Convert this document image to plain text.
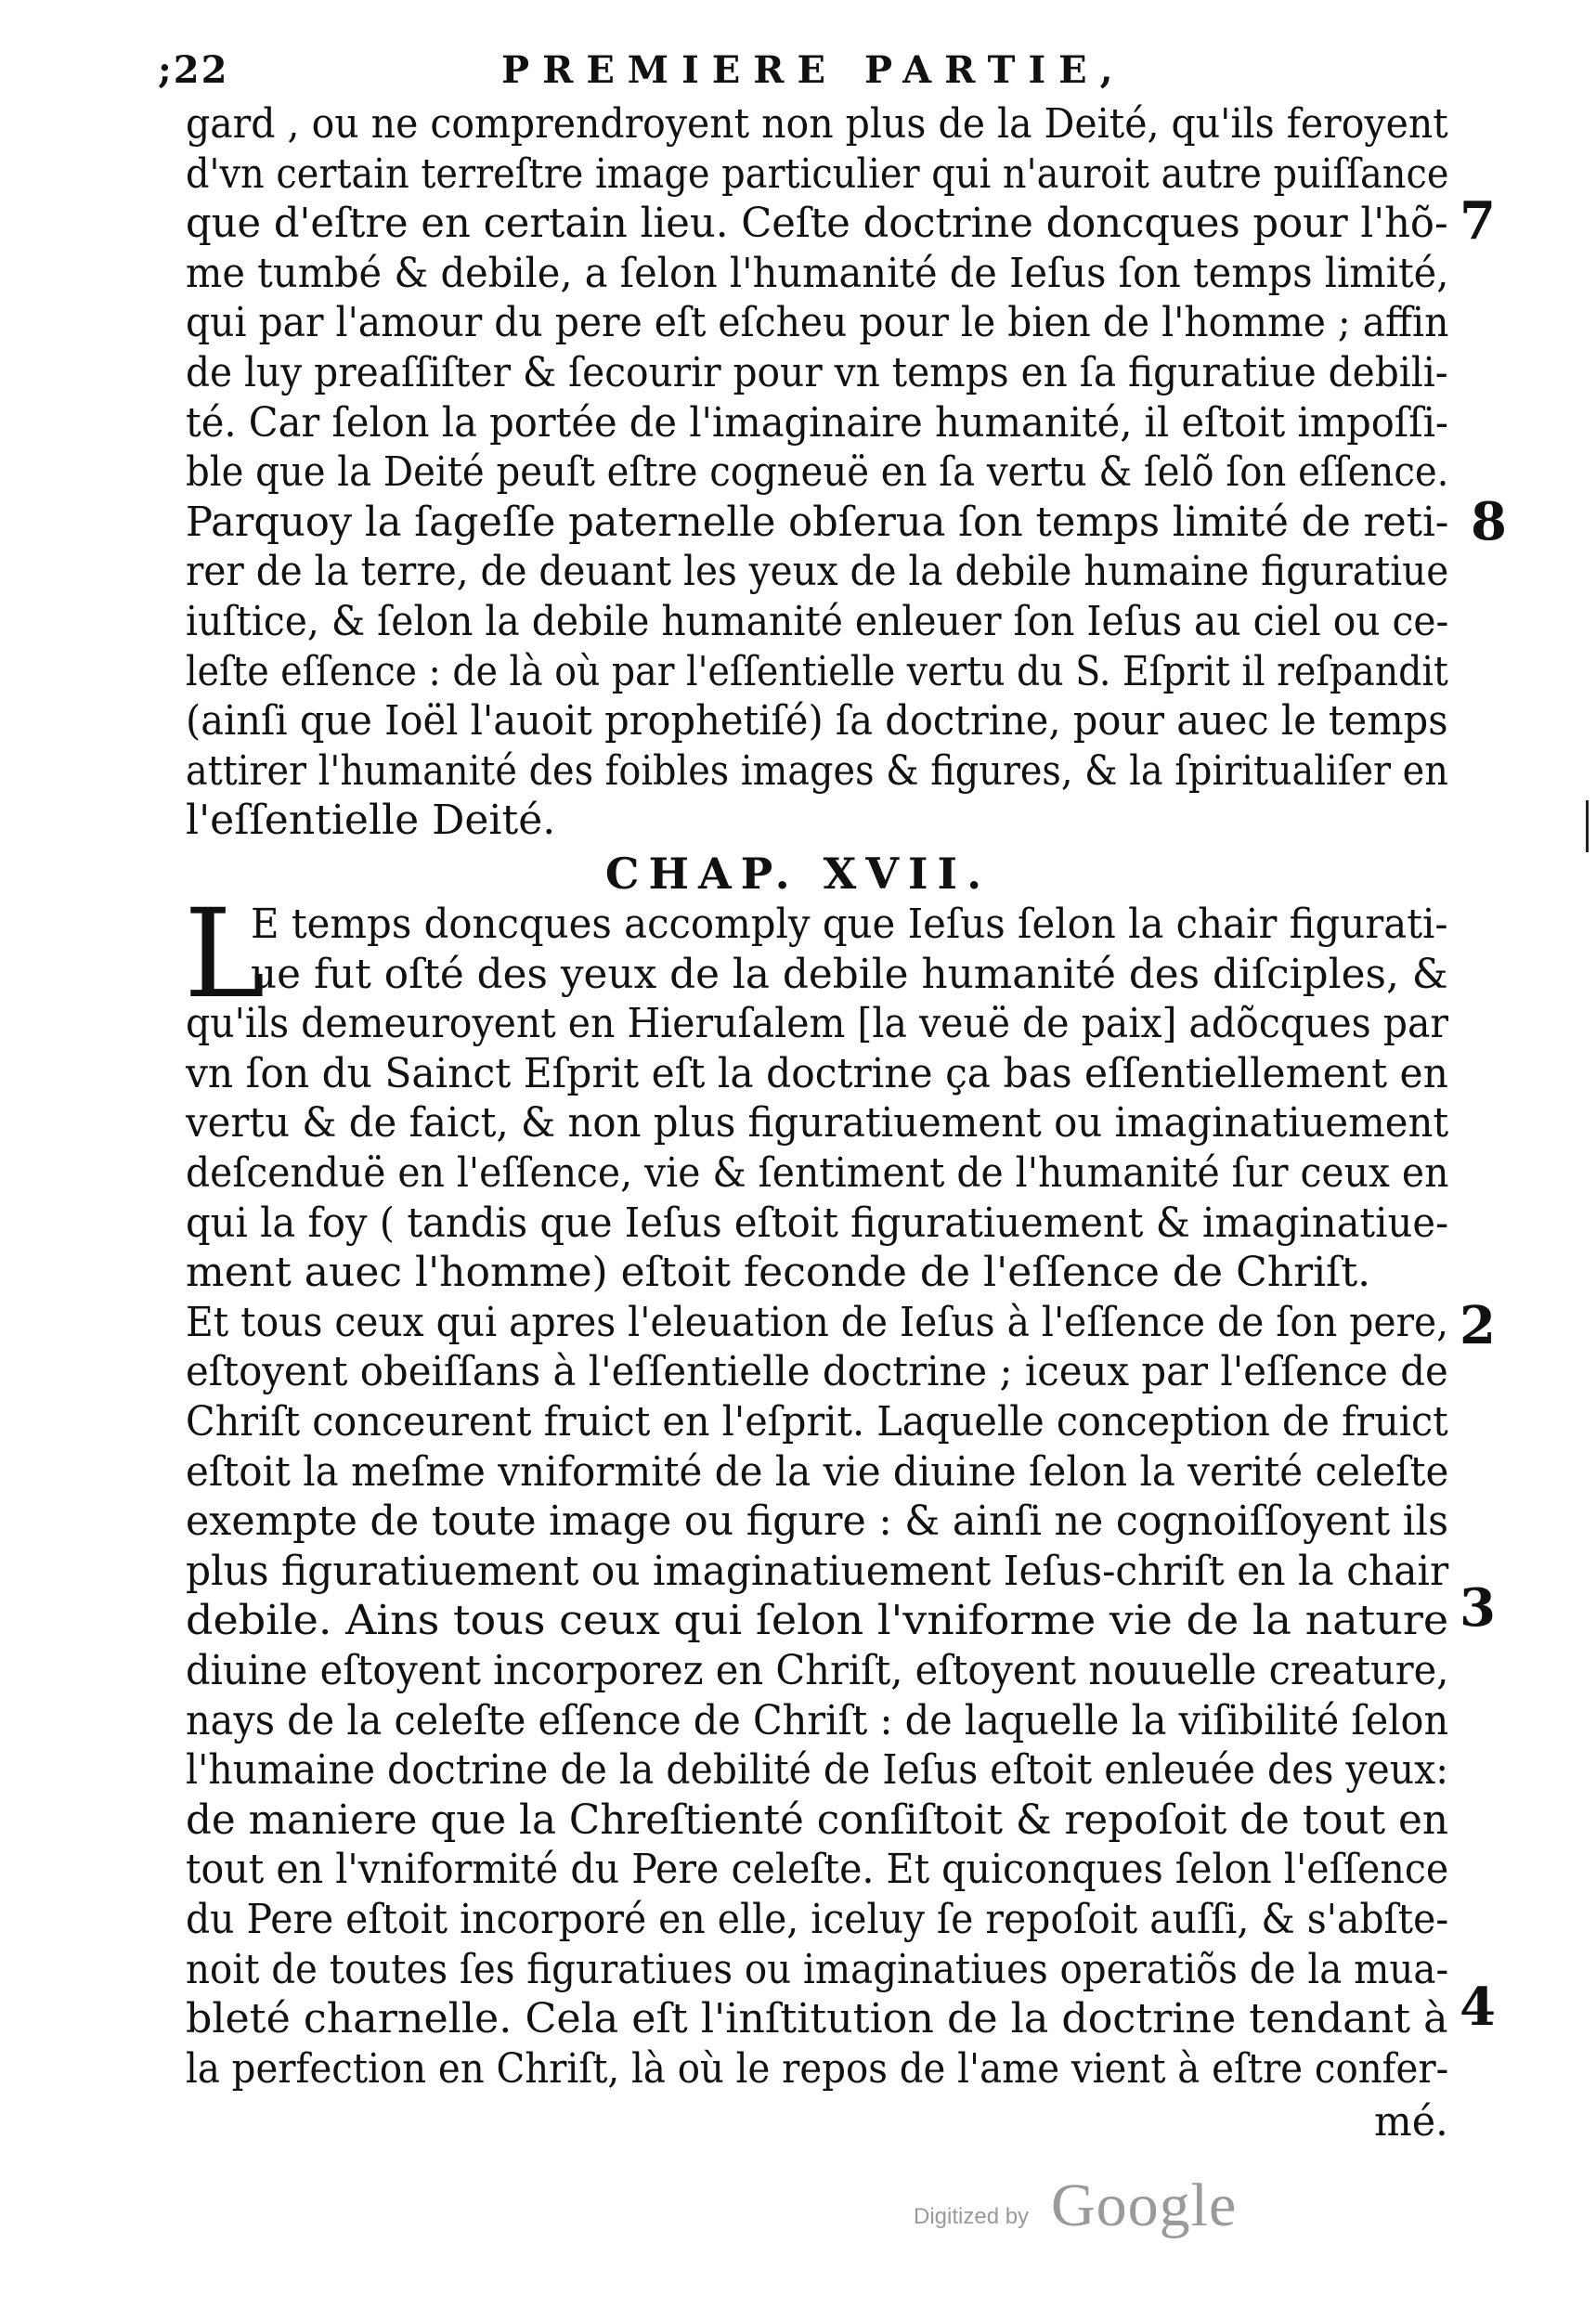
;22	PREMIERE PARTIE,
gard , ou ne comprendroyent non plus de la Deité, qu'ils feroyent
d'vn certain terreſtre image particulier qui n'auroit autre puiſſance
que d'eſtre en certain lieu. Ceſte doctrine doncques pour l'hõ-
me tumbé & debile, a ſelon l'humanité de Ieſus ſon temps limité,
qui par l'amour du pere eſt eſcheu pour le bien de l'homme ; affin
de luy preaſſiſter & ſecourir pour vn temps en ſa figuratiue debili-
té. Car ſelon la portée de l'imaginaire humanité, il eſtoit impoſſi-
ble que la Deité peuſt eſtre cogneuë en ſa vertu & ſelõ ſon eſſence.
Parquoy la ſageſſe paternelle obſerua ſon temps limité de reti-
rer de la terre, de deuant les yeux de la debile humaine figuratiue
iuſtice, & ſelon la debile humanité enleuer ſon Ieſus au ciel ou ce-
leſte eſſence : de là où par l'eſſentielle vertu du S. Eſprit il reſpandit
(ainſi que Ioël l'auoit prophetiſé) ſa doctrine, pour auec le temps
attirer l'humanité des foibles images & figures, & la ſpiritualiſer en
l'eſſentielle Deité.
CHAP. XVII.
L
E temps doncques accomply que Ieſus ſelon la chair figurati-
ue fut oſté des yeux de la debile humanité des diſciples, &
qu'ils demeuroyent en Hieruſalem [la veuë de paix] adõcques par
vn ſon du Sainct Eſprit eſt la doctrine ça bas eſſentiellement en
vertu & de faict, & non plus figuratiuement ou imaginatiuement
deſcenduë en l'eſſence, vie & ſentiment de l'humanité ſur ceux en
qui la foy ( tandis que Ieſus eſtoit figuratiuement & imaginatiue-
ment auec l'homme) eſtoit feconde de l'eſſence de Chriſt.
Et tous ceux qui apres l'eleuation de Ieſus à l'eſſence de ſon pere,
eſtoyent obeiſſans à l'eſſentielle doctrine ; iceux par l'eſſence de
Chriſt conceurent fruict en l'eſprit. Laquelle conception de fruict
eſtoit la meſme vniformité de la vie diuine ſelon la verité celeſte
exempte de toute image ou figure : & ainſi ne cognoiſſoyent ils
plus figuratiuement ou imaginatiuement Ieſus-chriſt en la chair
debile. Ains tous ceux qui ſelon l'vniforme vie de la nature
diuine eſtoyent incorporez en Chriſt, eſtoyent nouuelle creature,
nays de la celeſte eſſence de Chriſt : de laquelle la viſibilité ſelon
l'humaine doctrine de la debilité de Ieſus eſtoit enleuée des yeux:
de maniere que la Chreſtienté conſiſtoit & repoſoit de tout en
tout en l'vniformité du Pere celeſte. Et quiconques ſelon l'eſſence
du Pere eſtoit incorporé en elle, iceluy ſe repoſoit auſſi, & s'abſte-
noit de toutes ſes figuratiues ou imaginatiues operatiõs de la mua-
bleté charnelle. Cela eſt l'inſtitution de la doctrine tendant à
la perfection en Chriſt, là où le repos de l'ame vient à eſtre confer-
mé.
7
8
2
3
4
Digitized by Google
